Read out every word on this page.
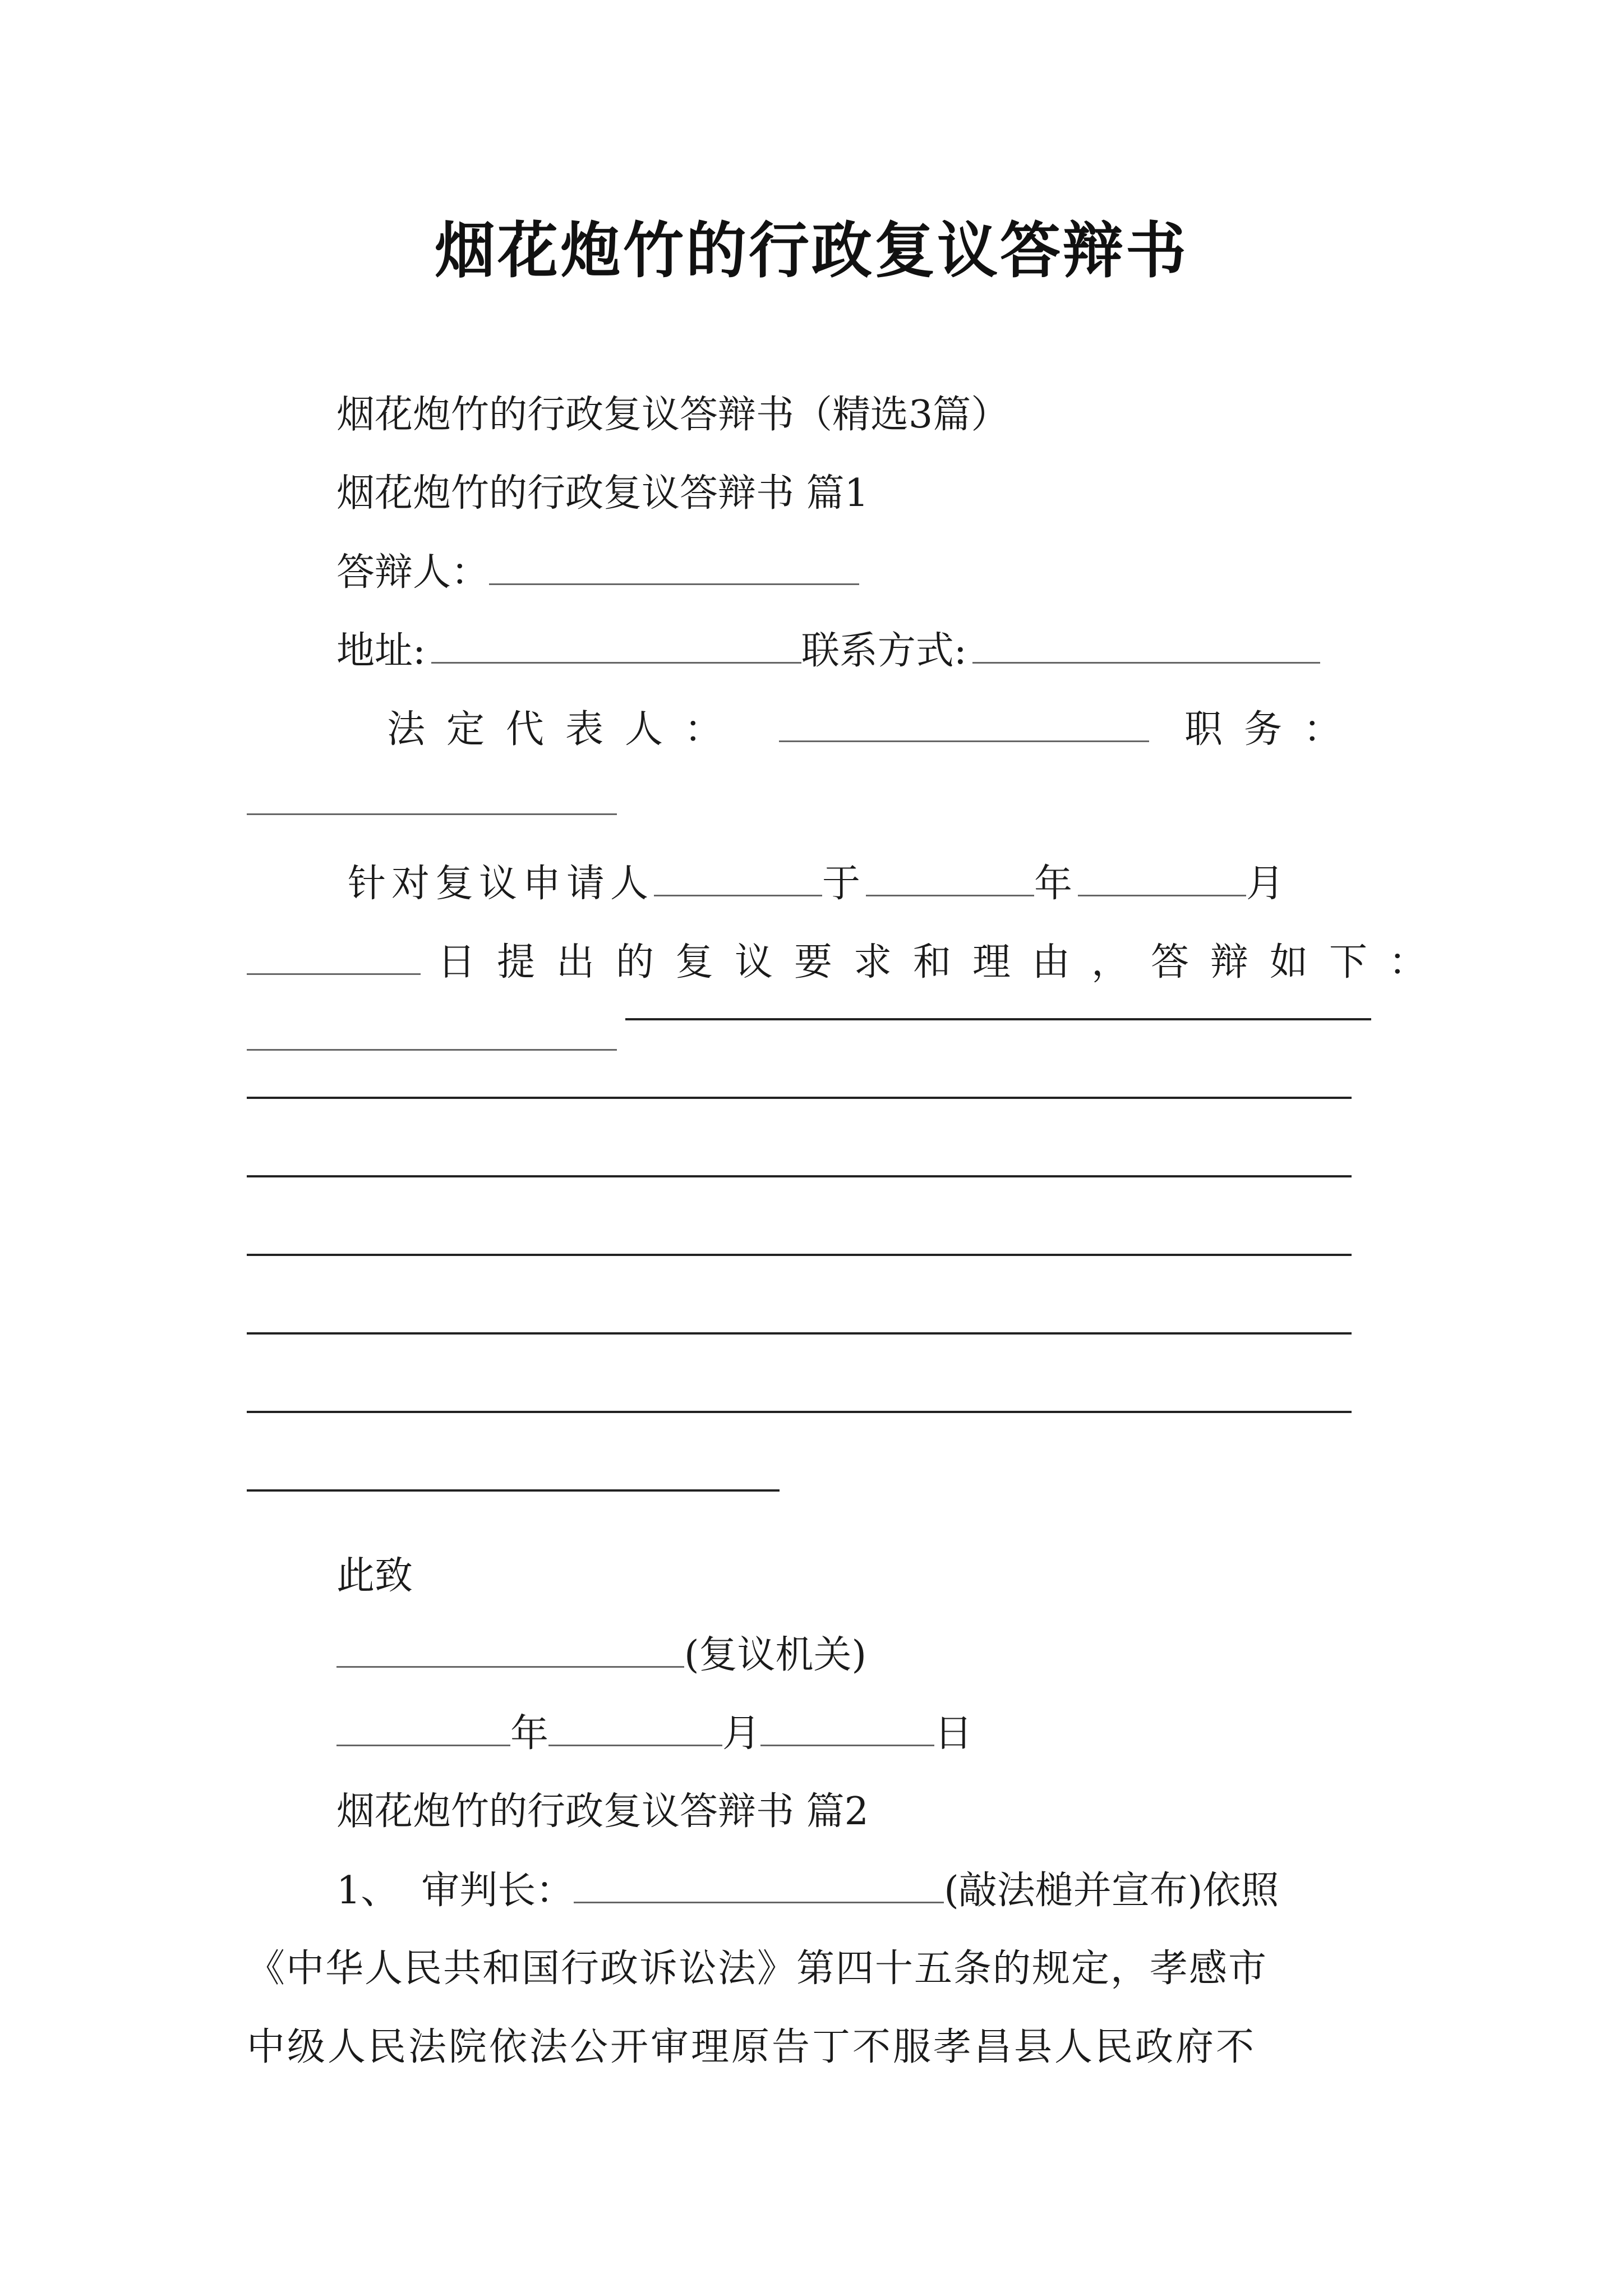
烟花炮竹的行政复议答辩书
烟花炮竹的行政复议答辩书（精选3篇）
烟花炮竹的行政复议答辩书 篇1
答辩人：
地址:	联系方式:
法定代表人：	职务：
针对复议申请人	于	年	月
日提出的复议要求和理由，答辩如下：
此致
(复议机关)
年	月	日
烟花炮竹的行政复议答辩书 篇2
1、 审判长：	(敲法槌并宣布)依照
《中华人民共和国行政诉讼法》第四十五条的规定，孝感市
中级人民法院依法公开审理原告丁不服孝昌县人民政府不
